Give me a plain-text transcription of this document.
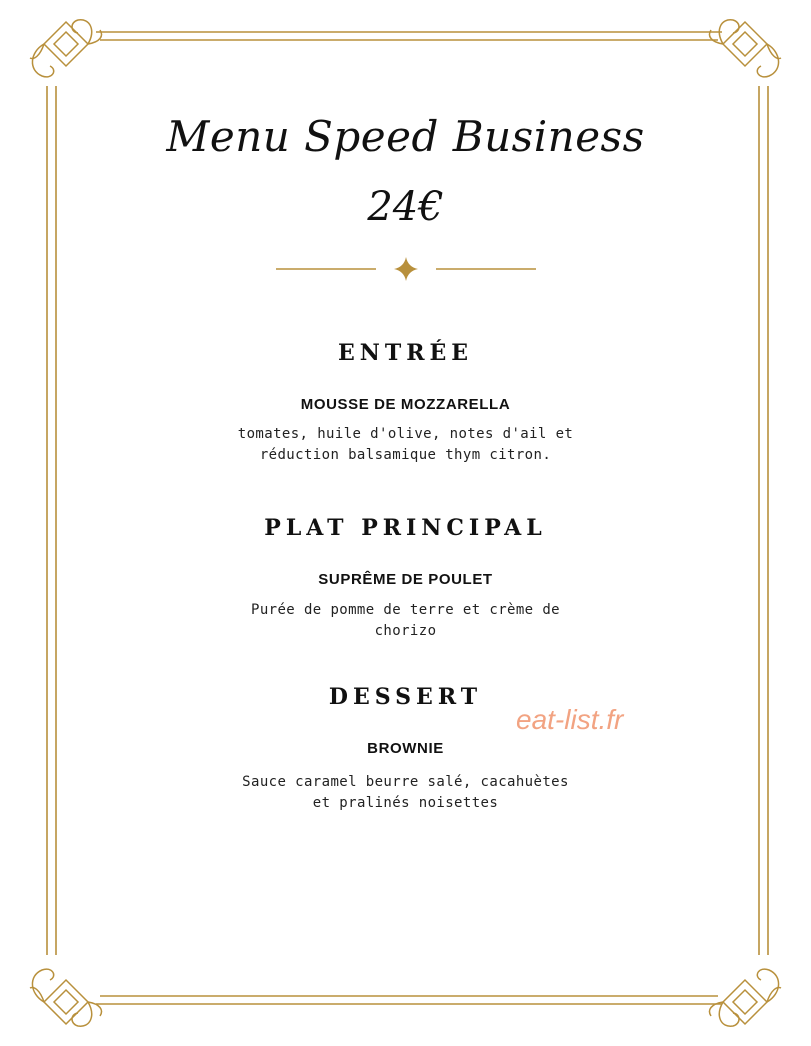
Menu Speed Business
24€
ENTRÉE
MOUSSE DE MOZZARELLA
tomates, huile d'olive, notes d'ail et
réduction balsamique thym citron.
PLAT PRINCIPAL
SUPRÊME DE POULET
Purée de pomme de terre et crème de
chorizo
DESSERT
BROWNIE
Sauce caramel beurre salé, cacahuètes
et pralinés noisettes
eat-list.fr
